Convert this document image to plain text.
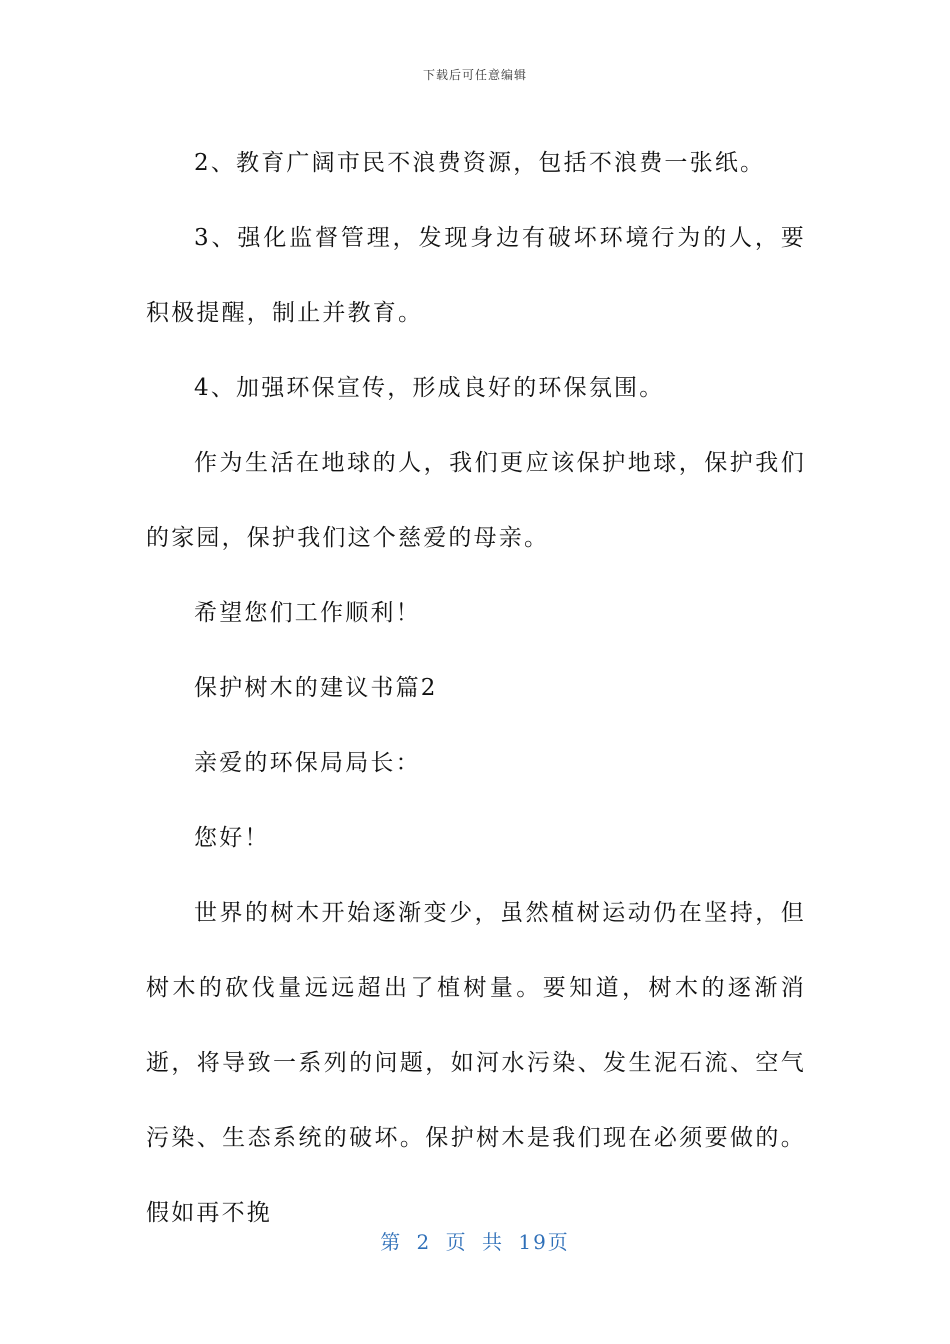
下载后可任意编辑

2、教育广阔市民不浪费资源，包括不浪费一张纸。

3、强化监督管理，发现身边有破坏环境行为的人，要积极提醒，制止并教育。

4、加强环保宣传，形成良好的环保氛围。

作为生活在地球的人，我们更应该保护地球，保护我们的家园，保护我们这个慈爱的母亲。

希望您们工作顺利！

保护树木的建议书篇2

亲爱的环保局局长：

您好！

世界的树木开始逐渐变少，虽然植树运动仍在坚持，但树木的砍伐量远远超出了植树量。要知道，树木的逐渐消逝，将导致一系列的问题，如河水污染、发生泥石流、空气污染、生态系统的破坏。保护树木是我们现在必须要做的。假如再不挽

第 2 页 共 19页
